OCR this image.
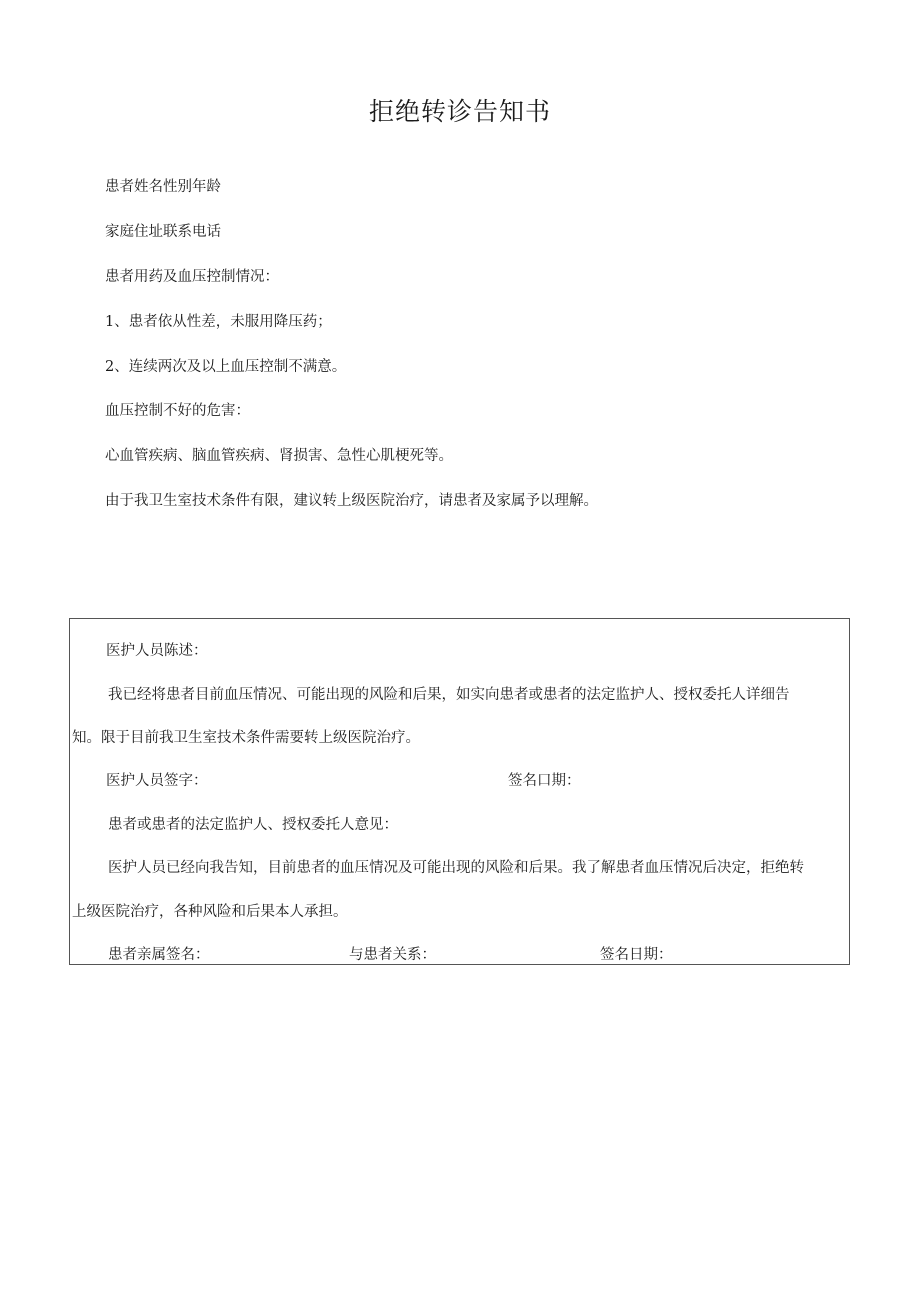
拒绝转诊告知书
患者姓名性别年龄
家庭住址联系电话
患者用药及血压控制情况：
1、患者依从性差，未服用降压药；
2、连续两次及以上血压控制不满意。
血压控制不好的危害：
心血管疾病、脑血管疾病、肾损害、急性心肌梗死等。
由于我卫生室技术条件有限，建议转上级医院治疗，请患者及家属予以理解。
医护人员陈述：
我已经将患者目前血压情况、可能出现的风险和后果，如实向患者或患者的法定监护人、授权委托人详细告
知。限于目前我卫生室技术条件需要转上级医院治疗。
医护人员签字：	签名口期：
患者或患者的法定监护人、授权委托人意见：
医护人员已经向我告知，目前患者的血压情况及可能出现的风险和后果。我了解患者血压情况后决定，拒绝转
上级医院治疗，各种风险和后果本人承担。
患者亲属签名：	与患者关系：	签名日期：
